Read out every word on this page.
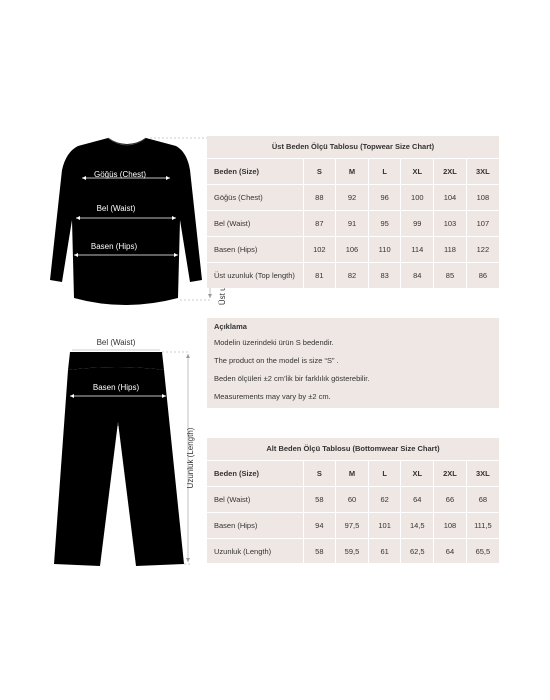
Göğüs (Chest)
Bel (Waist)
Basen (Hips)
Bel (Waist)
Basen (Hips)
Uzunluk (Length)
Üst Beden Ölçü Tablosu (Topwear Size Chart)
Beden (Size)	S	M	L	XL	2XL	3XL
Göğüs (Chest)	88	92	96	100	104	108
Bel (Waist)	87	91	95	99	103	107
Basen (Hips)	102	106	110	114	118	122
Üst uzunluk (Top length)	81	82	83	84	85	86
Açıklama
Modelin üzerindeki ürün S bedendir.
The product on the model is size “S” .
Beden ölçüleri ±2 cm’lik bir farklılık gösterebilir.
Measurements may vary by ±2 cm.
Alt Beden Ölçü Tablosu (Bottomwear Size Chart)
Beden (Size)	S	M	L	XL	2XL	3XL
Bel (Waist)	58	60	62	64	66	68
Basen (Hips)	94	97,5	101	14,5	108	111,5
Uzunluk (Length)	58	59,5	61	62,5	64	65,5
